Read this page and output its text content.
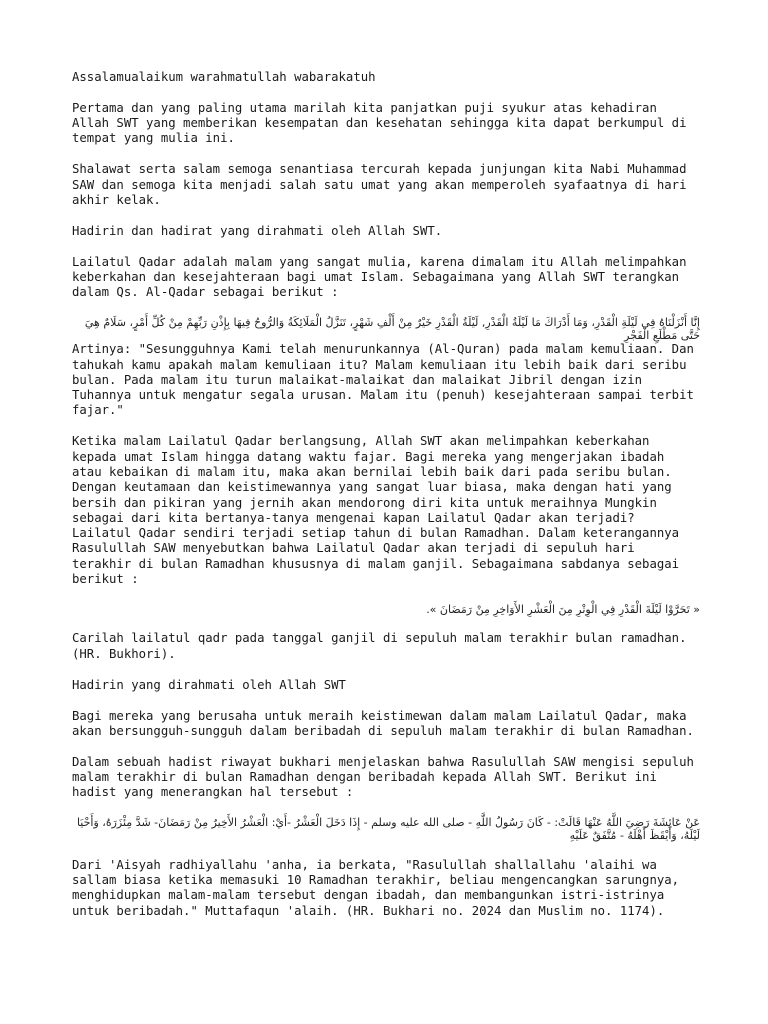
Assalamualaikum warahmatullah wabarakatuh

Pertama dan yang paling utama marilah kita panjatkan puji syukur atas kehadiran Allah SWT yang memberikan kesempatan dan kesehatan sehingga kita dapat berkumpul di tempat yang mulia ini.

Shalawat serta salam semoga senantiasa tercurah kepada junjungan kita Nabi Muhammad SAW dan semoga kita menjadi salah satu umat yang akan memperoleh syafaatnya di hari akhir kelak.

Hadirin dan hadirat yang dirahmati oleh Allah SWT.

Lailatul Qadar adalah malam yang sangat mulia, karena dimalam itu Allah melimpahkan keberkahan dan kesejahteraan bagi umat Islam. Sebagaimana yang Allah SWT terangkan dalam Qs. Al-Qadar sebagai berikut :

إِنَّا أَنْزَلْنَاهُ فِي لَيْلَةِ الْقَدْرِ، وَمَا أَدْرَاكَ مَا لَيْلَةُ الْقَدْرِ, لَيْلَةُ الْقَدْرِ خَيْرٌ مِنْ أَلْفِ شَهْرٍ، تَنَزَّلُ الْمَلَائِكَةُ وَالرُّوحُ فِيهَا بِإِذْنِ رَبِّهِمْ مِنْ كُلِّ أَمْرٍ، سَلَامٌ هِيَ حَتَّى مَطْلَعِ الْفَجْرِ

Artinya: "Sesungguhnya Kami telah menurunkannya (Al-Quran) pada malam kemuliaan. Dan tahukah kamu apakah malam kemuliaan itu? Malam kemuliaan itu lebih baik dari seribu bulan. Pada malam itu turun malaikat-malaikat dan malaikat Jibril dengan izin Tuhannya untuk mengatur segala urusan. Malam itu (penuh) kesejahteraan sampai terbit fajar."

Ketika malam Lailatul Qadar berlangsung, Allah SWT akan melimpahkan keberkahan kepada umat Islam hingga datang waktu fajar. Bagi mereka yang mengerjakan ibadah atau kebaikan di malam itu, maka akan bernilai lebih baik dari pada seribu bulan. Dengan keutamaan dan keistimewannya yang sangat luar biasa, maka dengan hati yang bersih dan pikiran yang jernih akan mendorong diri kita untuk meraihnya Mungkin sebagai dari kita bertanya-tanya mengenai kapan Lailatul Qadar akan terjadi? Lailatul Qadar sendiri terjadi setiap tahun di bulan Ramadhan. Dalam keterangannya Rasulullah SAW menyebutkan bahwa Lailatul Qadar akan terjadi di sepuluh hari terakhir di bulan Ramadhan khususnya di malam ganjil. Sebagaimana sabdanya sebagai berikut :

« تَحَرَّوْا لَيْلَةَ الْقَدْرِ فِي الْوِتْرِ مِنَ الْعَشْرِ الأَوَاخِرِ مِنْ رَمَضَانَ ».

Carilah lailatul qadr pada tanggal ganjil di sepuluh malam terakhir bulan ramadhan. (HR. Bukhori).

Hadirin yang dirahmati oleh Allah SWT

Bagi mereka yang berusaha untuk meraih keistimewan dalam malam Lailatul Qadar, maka akan bersungguh-sungguh dalam beribadah di sepuluh malam terakhir di bulan Ramadhan.

Dalam sebuah hadist riwayat bukhari menjelaskan bahwa Rasulullah SAW mengisi sepuluh malam terakhir di bulan Ramadhan dengan beribadah kepada Allah SWT. Berikut ini hadist yang menerangkan hal tersebut :

عَنْ عَائِشَةَ رَضِيَ اللَّهُ عَنْهَا قَالَتْ: - كَانَ رَسُولُ اللَّهِ - صلى الله عليه وسلم - إِذَا دَخَلَ الْعَشْرُ -أَيْ: الْعَشْرُ الأَخِيرُ مِنْ رَمَضَانَ- شَدَّ مِئْزَرَهُ، وَأَحْيَا لَيْلَهُ، وَأَيْقَظَ أَهْلَهُ - مُتَّفَقٌ عَلَيْهِ

Dari 'Aisyah radhiyallahu 'anha, ia berkata, "Rasulullah shallallahu 'alaihi wa sallam biasa ketika memasuki 10 Ramadhan terakhir, beliau mengencangkan sarungnya, menghidupkan malam-malam tersebut dengan ibadah, dan membangunkan istri-istrinya untuk beribadah." Muttafaqun 'alaih. (HR. Bukhari no. 2024 dan Muslim no. 1174).
